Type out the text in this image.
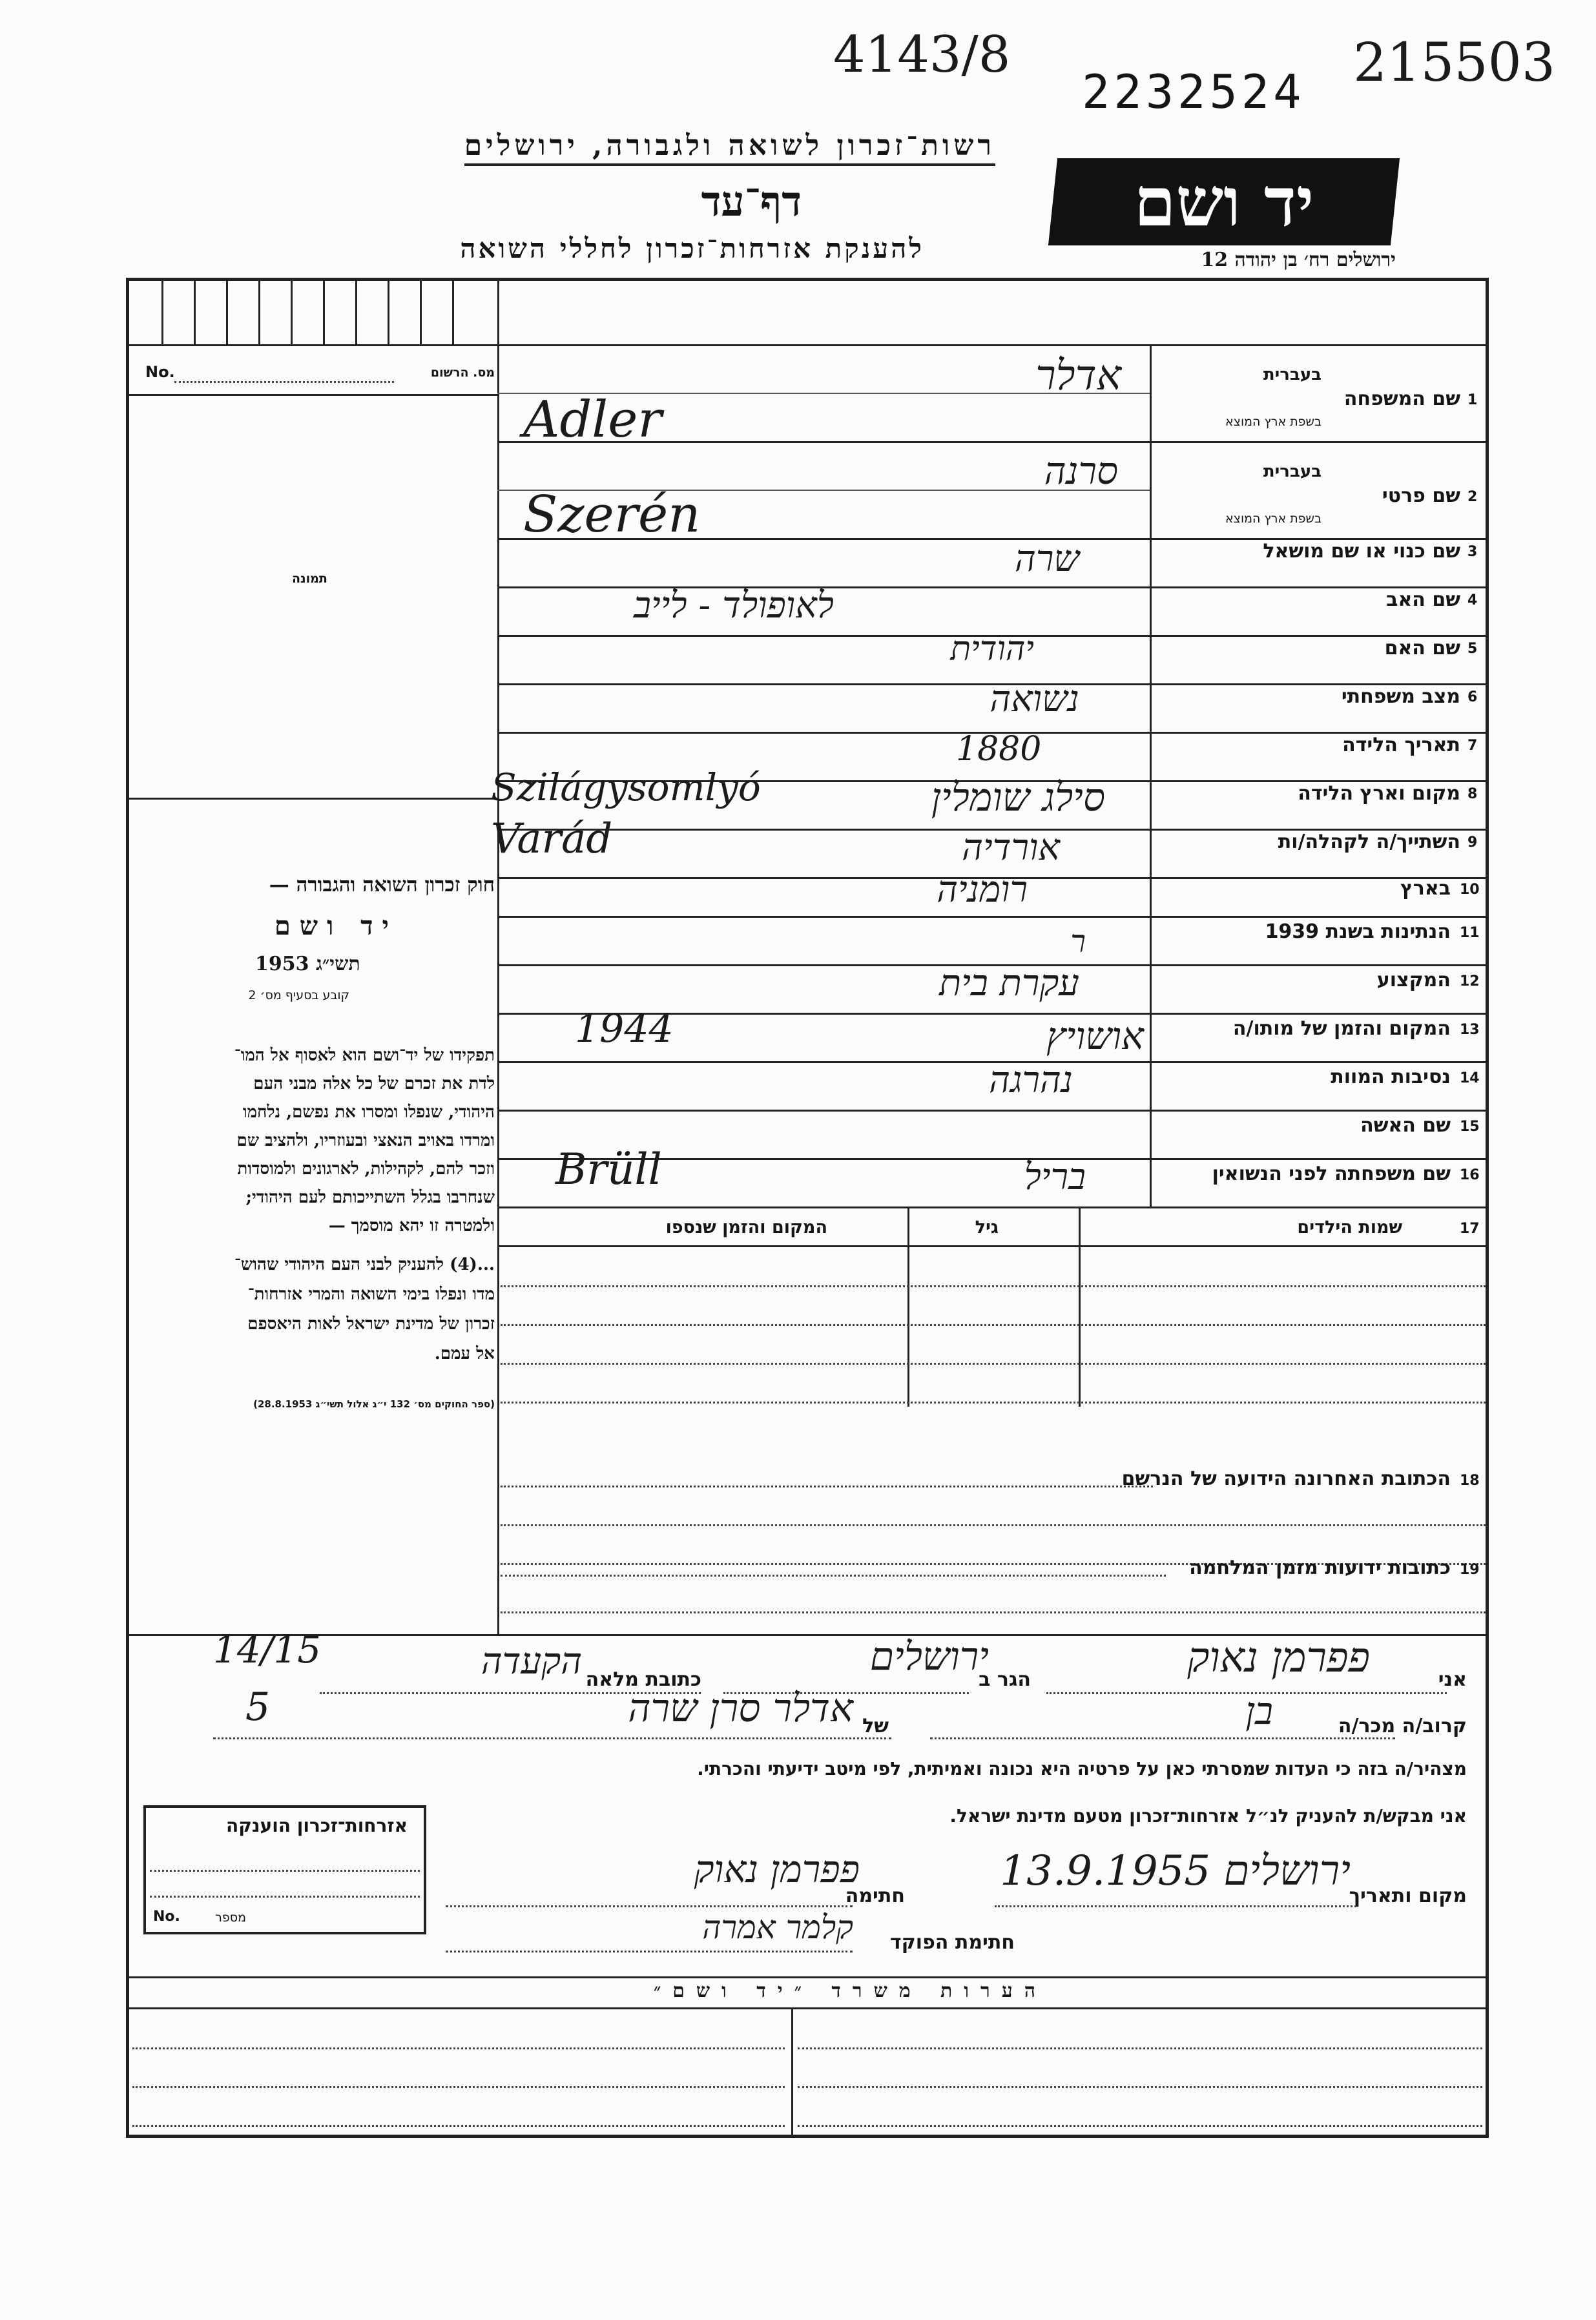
4143/8
2232524 215503
רשות־זכרון לשואה ולגבורה, ירושלים
דף־עד
להענקת אזרחות־זכרון לחללי השואה
יד ושם
ירושלים רח׳ בן יהודה 12
No.	מס. הרשום
תמונה
חוק זכרון השואה והגבורה —
יד ושם
תשי״ג 1953
קובע בסעיף מס׳ 2
תפקידו של יד־ושם הוא לאסוף אל המו־
לדת את זכרם של כל אלה מבני העם
היהודי, שנפלו ומסרו את נפשם, נלחמו
ומרדו באויב הנאצי ובעוזריו, ולהציב שם
וזכר להם, לקהילות, לארגונים ולמוסדות
שנחרבו בגלל השתייכותם לעם היהודי;
ולמטרה זו יהא מוסמך —
...(4) להעניק לבני העם היהודי שהוש־
מדו ונפלו בימי השואה והמרי אזרחות־
זכרון של מדינת ישראל לאות היאספם
אל עמם.
(ספר החוקים מס׳ 132 י״ג אלול תשי״ג 28.8.1953)
1
שם המשפחה
בעברית
בשפת ארץ המוצא
אדלר
Adler
2
שם פרטי
בעברית
בשפת ארץ המוצא
סרנה
Szerén
3
שם כנוי או שם מושאל
שרה
4
שם האב
לאופולד - לייב
5
שם האם
יהודית
6
מצב משפחתי
נשואה
7
תאריך הלידה
1880
8
מקום וארץ הלידה
סילג שומלין
Szilágysomlyó
9
השתייך/ה לקהלה/ות
אורדיה
Varád
10
בארץ
רומניה
11
הנתינות בשנת 1939
ר
12
המקצוע
עקרת בית
13
המקום והזמן של מותו/ה
אושויץ
1944
14
נסיבות המוות
נהרגה
15
שם האשה
16
שם משפחתה לפני הנשואין
בריל
Brüll
17
שמות הילדים
גיל
המקום והזמן שנספו
18
הכתובת האחרונה הידועה של הנרשם
19
כתובות ידועות מזמן המלחמה
אני
פפרמן נאוק
הגר ב
ירושלים
כתובת מלאה
הקעדה
14/15
קרוב/ה מכר/ה
בן
של
אדלר סרן שרה
5
מצהיר/ה בזה כי העדות שמסרתי כאן על פרטיה היא נכונה ואמיתית, לפי מיטב ידיעתי והכרתי.
אני מבקש/ת להעניק לנ״ל אזרחות־זכרון מטעם מדינת ישראל.
מקום ותאריך
ירושלים 13.9.1955
חתימה
פפרמן נאוק
חתימת הפוקד
קלמר אמרה
אזרחות־זכרון הוענקה
No.	מספר
הערות משרד ״יד ושם״
